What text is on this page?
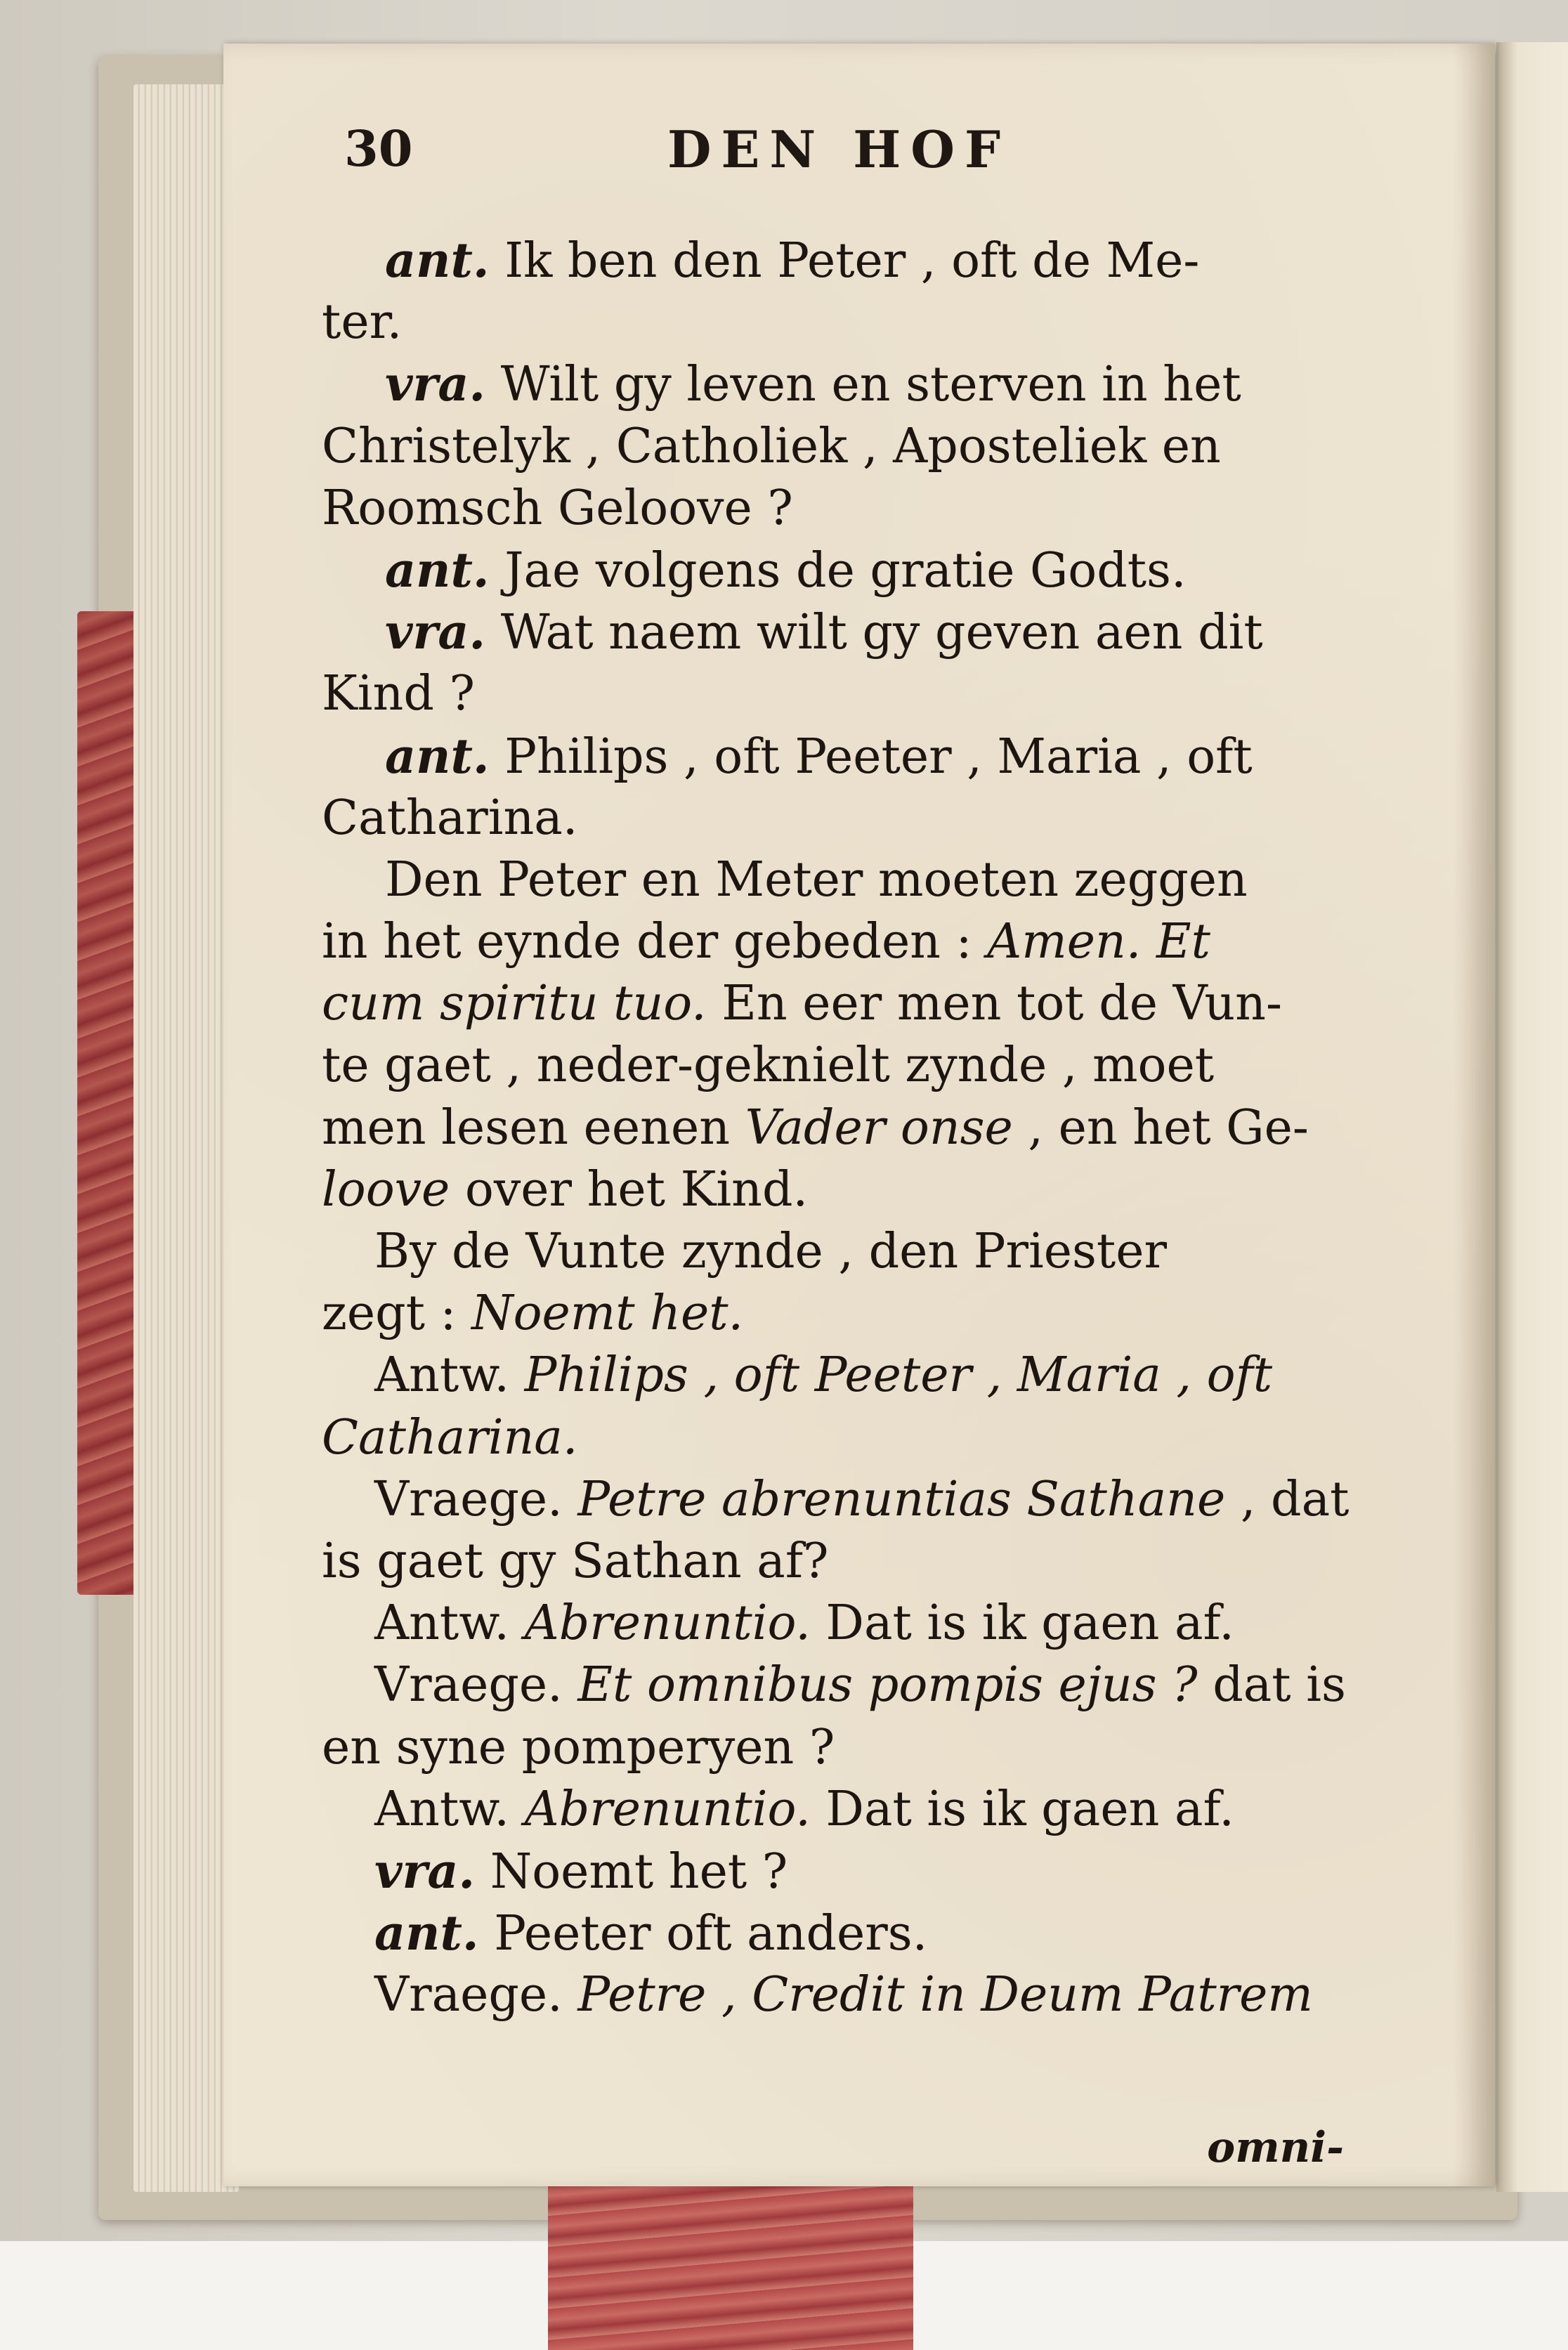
30	DEN HOF
ant. Ik ben den Peter , oft de Me-
ter.
vra. Wilt gy leven en sterven in het
Christelyk , Catholiek , Aposteliek en
Roomsch Geloove ?
ant. Jae volgens de gratie Godts.
vra. Wat naem wilt gy geven aen dit
Kind ?
ant. Philips , oft Peeter , Maria , oft
Catharina.
Den Peter en Meter moeten zeggen
in het eynde der gebeden : Amen. Et
cum spiritu tuo. En eer men tot de Vun-
te gaet , neder-geknielt zynde , moet
men lesen eenen Vader onse , en het Ge-
loove over het Kind.
By de Vunte zynde , den Priester
zegt : Noemt het.
Antw. Philips , oft Peeter , Maria , oft
Catharina.
Vraege. Petre abrenuntias Sathane , dat
is gaet gy Sathan af?
Antw. Abrenuntio. Dat is ik gaen af.
Vraege. Et omnibus pompis ejus ? dat is
en syne pomperyen ?
Antw. Abrenuntio. Dat is ik gaen af.
vra. Noemt het ?
ant. Peeter oft anders.
Vraege. Petre , Credit in Deum Patrem
omni-
